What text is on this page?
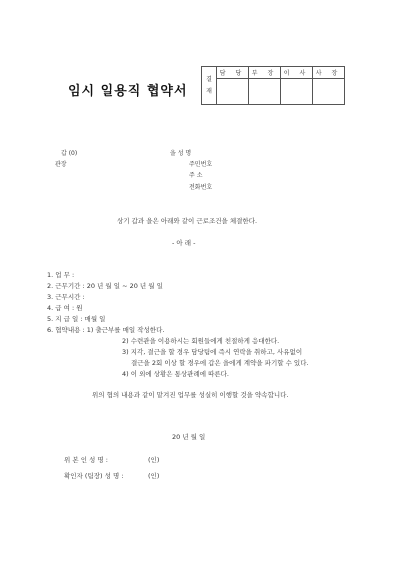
임시 일용직 협약서
결
재	담 당	부 장	이 사	사 장

갑 (0)
관장
을 성 명
주민번호
주 소
전화번호
상기 갑과 을은 아래와 같이 근로조건을 체결한다.
- 아 래 -
1. 업 무 :
2. 근무기간 : 20 년 월 일 ~ 20 년 월 일
3. 근무시간 :
4. 급 여 : 원
5. 지 급 일 : 매월 일
6. 협약내용 : 1) 출근부를 매일 작성한다.
2) 수련관을 이용하시는 회원들에게 친절하게 응대한다.
3) 지각, 결근을 할 경우 담당팀에 즉시 연락을 취하고, 사유없이
결근을 2회 이상 할 경우에 갑은 을에게 계약을 파기할 수 있다.
4) 이 외에 상황은 통상관례에 따른다.
위의 협의 내용과 같이 맡겨진 업무를 성실히 이행할 것을 약속합니다.
20 년 월 일
위 본 인 성 명 :	(인)
확인자 (팀장) 성 명 :	(인)
